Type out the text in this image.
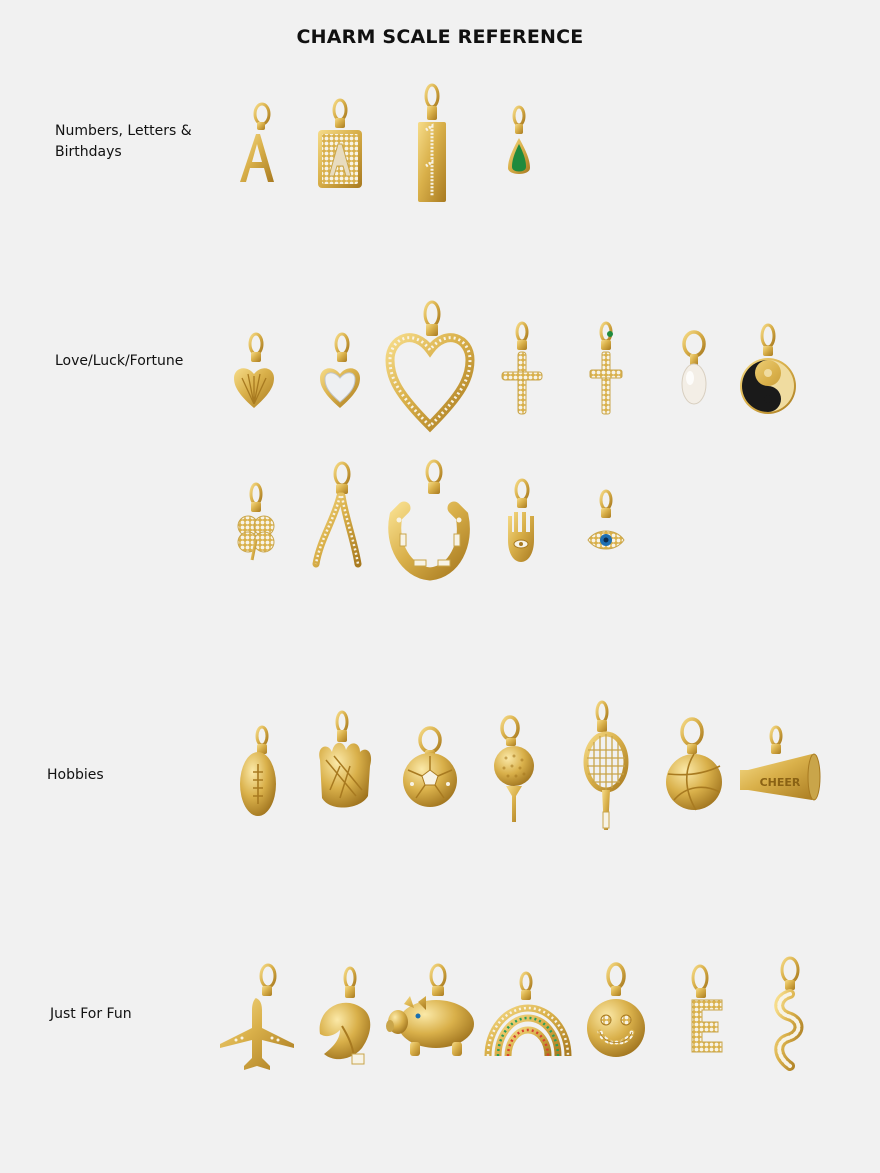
CHARM SCALE REFERENCE
Numbers, Letters & Birthdays
Love/Luck/Fortune
Hobbies
Just For Fun
CHEER
